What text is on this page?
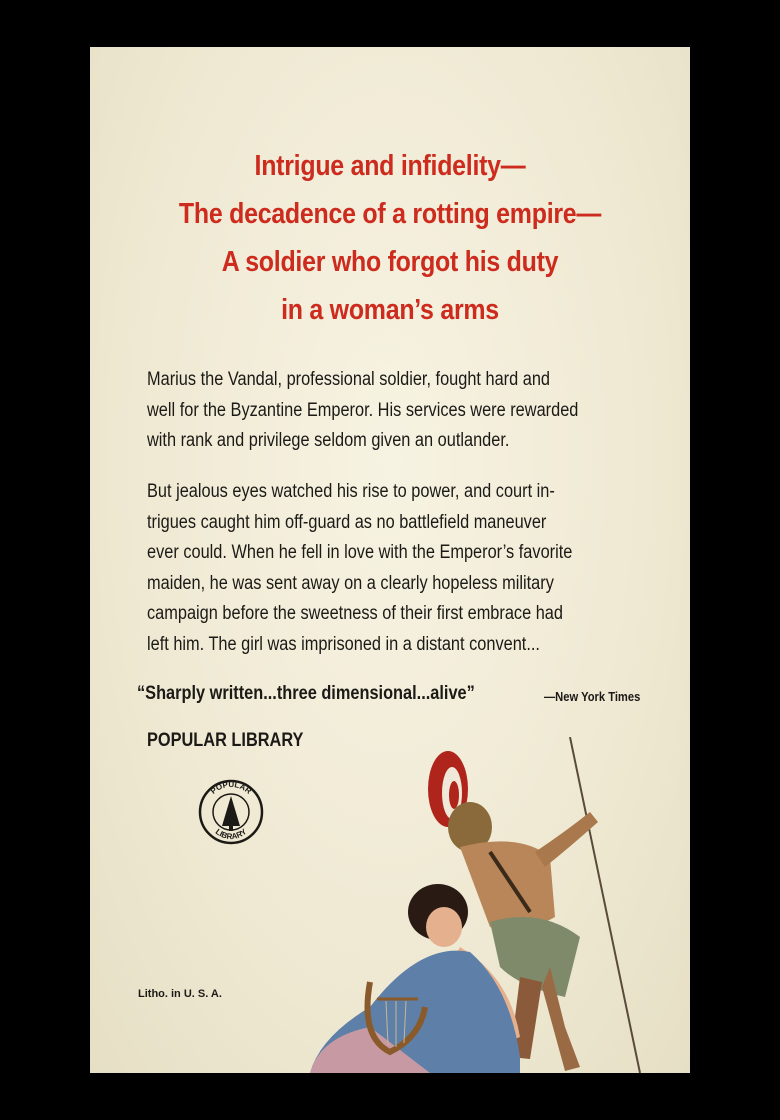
Intrigue and infidelity—
The decadence of a rotting empire—
A soldier who forgot his duty
in a woman’s arms
Marius the Vandal, professional soldier, fought hard and
well for the Byzantine Emperor. His services were rewarded
with rank and privilege seldom given an outlander.
But jealous eyes watched his rise to power, and court in-
trigues caught him off-guard as no battlefield maneuver
ever could. When he fell in love with the Emperor’s favorite
maiden, he was sent away on a clearly hopeless military
campaign before the sweetness of their first embrace had
left him. The girl was imprisoned in a distant convent...
“Sharply written...three dimensional...alive”	—New York Times
POPULAR LIBRARY
POPULAR
LIBRARY
Litho. in U. S. A.
